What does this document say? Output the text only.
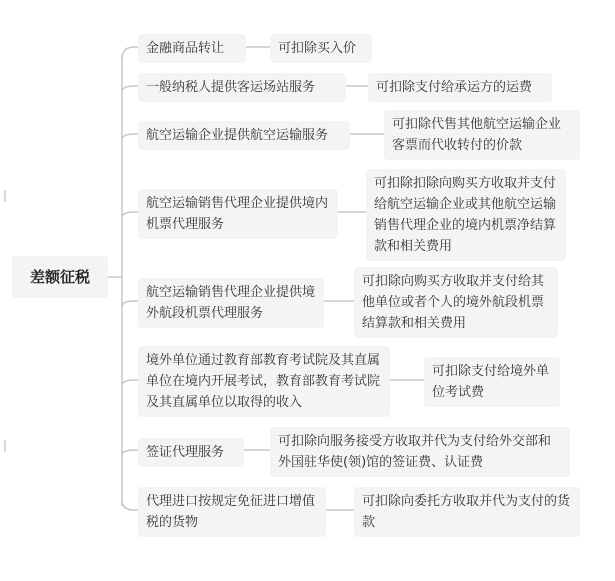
差额征税
金融商品转让	可扣除买入价
一般纳税人提供客运场站服务	可扣除支付给承运方的运费
航空运输企业提供航空运输服务
可扣除代售其他航空运输企业客票而代收转付的价款
航空运输销售代理企业提供境内机票代理服务
可扣除扣除向购买方收取并支付给航空运输企业或其他航空运输销售代理企业的境内机票净结算款和相关费用
航空运输销售代理企业提供境外航段机票代理服务
可扣除向购买方收取并支付给其他单位或者个人的境外航段机票结算款和相关费用
境外单位通过教育部教育考试院及其直属单位在境内开展考试，教育部教育考试院及其直属单位以取得的收入
可扣除支付给境外单位考试费
签证代理服务
可扣除向服务接受方收取并代为支付给外交部和外国驻华使(领)馆的签证费、认证费
代理进口按规定免征进口增值税的货物
可扣除向委托方收取并代为支付的货款
